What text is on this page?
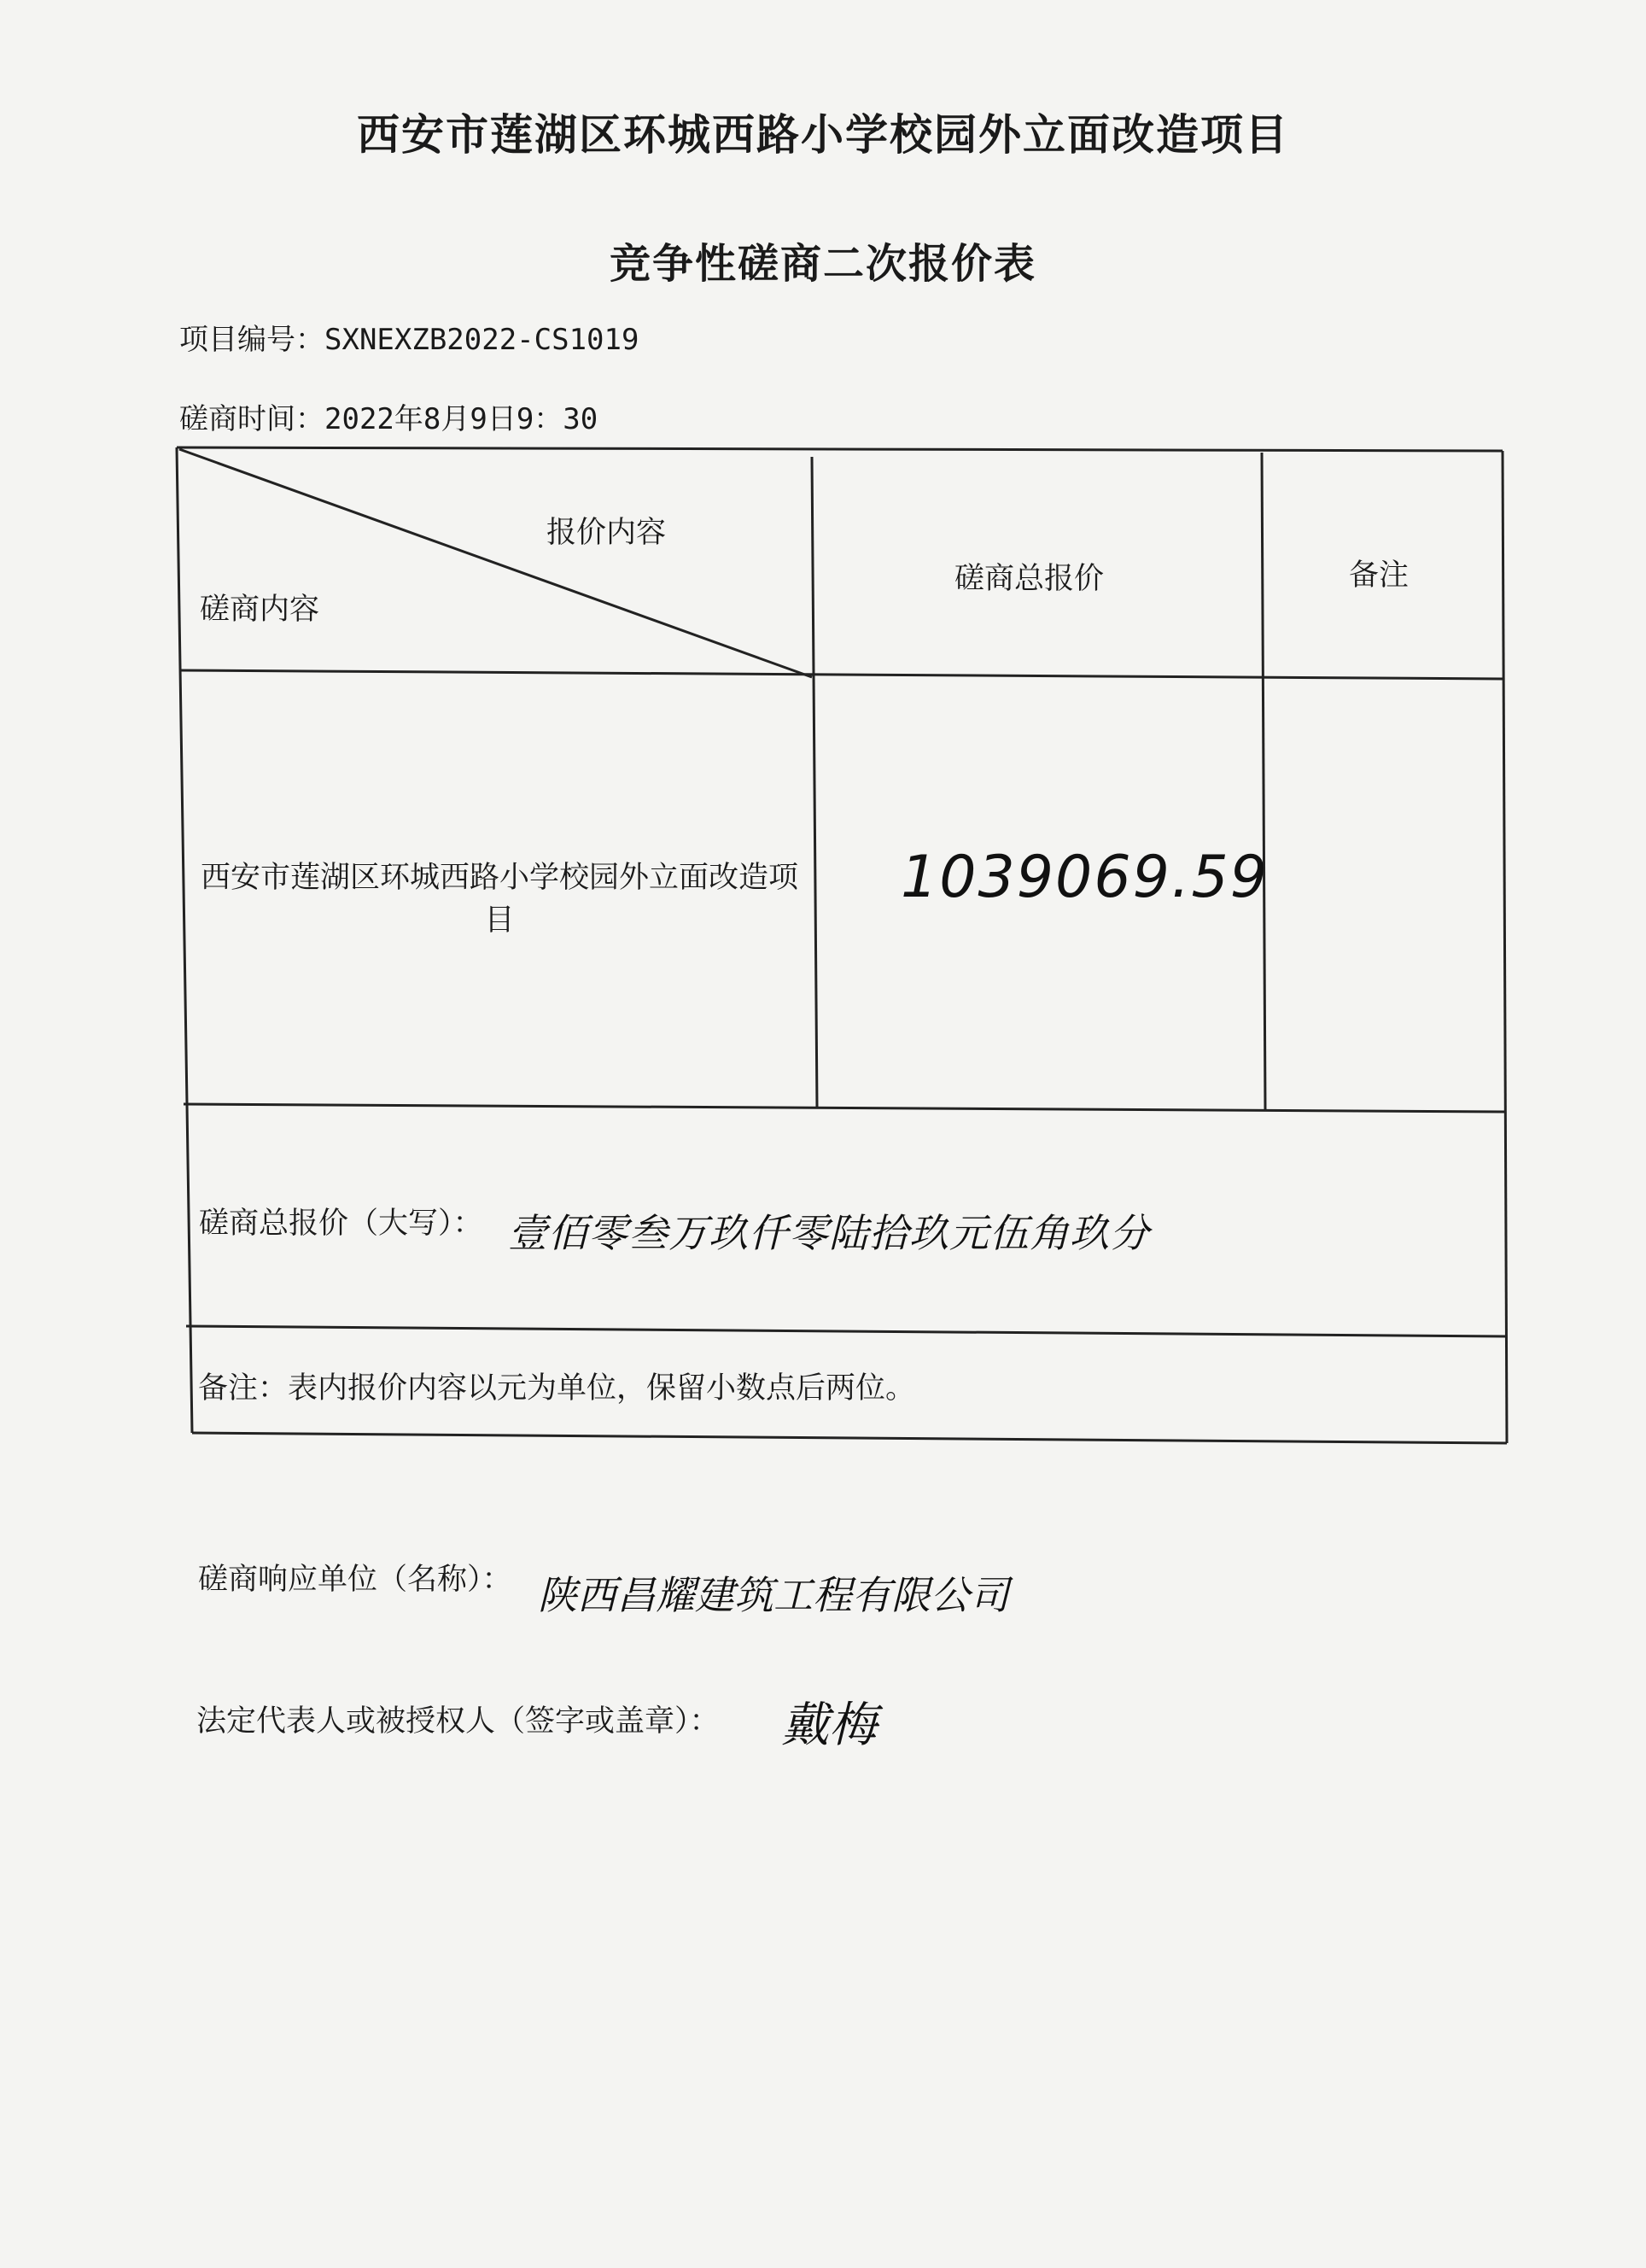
西安市莲湖区环城西路小学校园外立面改造项目
竞争性磋商二次报价表
项目编号：SXNEXZB2022-CS1019
磋商时间：2022年8月9日9：30
报价内容
磋商内容
磋商总报价	备注
西安市莲湖区环城西路小学校园外立面改造项目
1039069.59
磋商总报价（大写）： 壹佰零叁万玖仟零陆拾玖元伍角玖分
备注：表内报价内容以元为单位，保留小数点后两位。
磋商响应单位（名称）： 陕西昌耀建筑工程有限公司
法定代表人或被授权人（签字或盖章）： 戴梅
